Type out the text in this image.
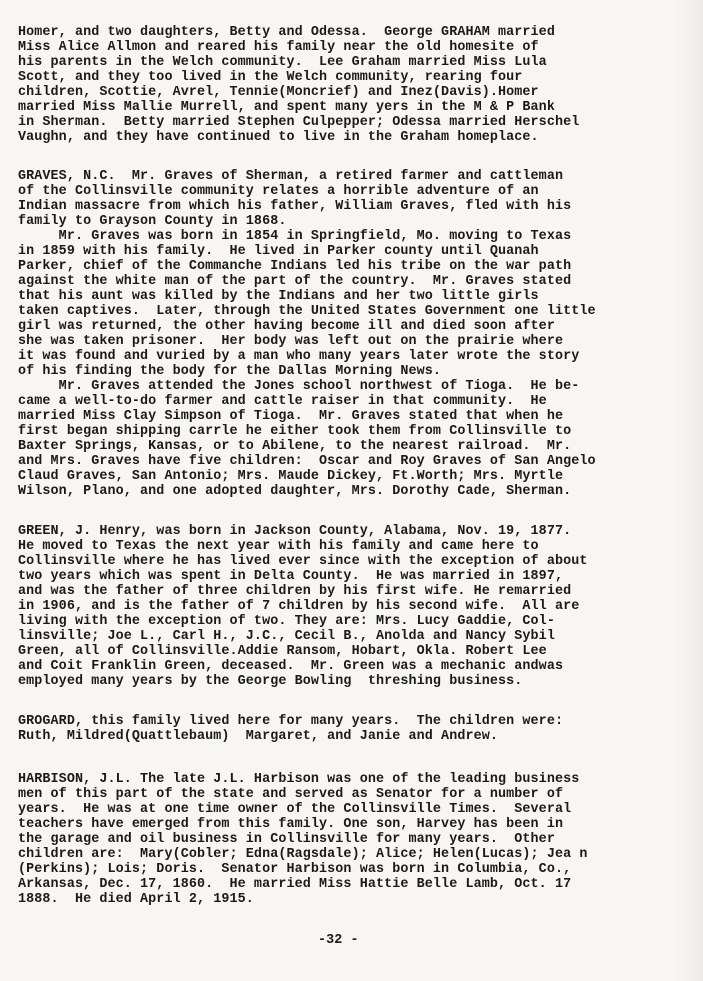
Homer, and two daughters, Betty and Odessa.  George GRAHAM married
Miss Alice Allmon and reared his family near the old homesite of
his parents in the Welch community.  Lee Graham married Miss Lula
Scott, and they too lived in the Welch community, rearing four
children, Scottie, Avrel, Tennie(Moncrief) and Inez(Davis).Homer
married Miss Mallie Murrell, and spent many yers in the M & P Bank
in Sherman.  Betty married Stephen Culpepper; Odessa married Herschel
Vaughn, and they have continued to live in the Graham homeplace.
GRAVES, N.C.  Mr. Graves of Sherman, a retired farmer and cattleman
of the Collinsville community relates a horrible adventure of an
Indian massacre from which his father, William Graves, fled with his
family to Grayson County in 1868.
Mr. Graves was born in 1854 in Springfield, Mo. moving to Texas
in 1859 with his family.  He lived in Parker county until Quanah
Parker, chief of the Commanche Indians led his tribe on the war path
against the white man of the part of the country.  Mr. Graves stated
that his aunt was killed by the Indians and her two little girls
taken captives.  Later, through the United States Government one little
girl was returned, the other having become ill and died soon after
she was taken prisoner.  Her body was left out on the prairie where
it was found and vuried by a man who many years later wrote the story
of his finding the body for the Dallas Morning News.
Mr. Graves attended the Jones school northwest of Tioga.  He be-
came a well-to-do farmer and cattle raiser in that community.  He
married Miss Clay Simpson of Tioga.  Mr. Graves stated that when he
first began shipping carrle he either took them from Collinsville to
Baxter Springs, Kansas, or to Abilene, to the nearest railroad.  Mr.
and Mrs. Graves have five children:  Oscar and Roy Graves of San Angelo
Claud Graves, San Antonio; Mrs. Maude Dickey, Ft.Worth; Mrs. Myrtle
Wilson, Plano, and one adopted daughter, Mrs. Dorothy Cade, Sherman.
GREEN, J. Henry, was born in Jackson County, Alabama, Nov. 19, 1877.
He moved to Texas the next year with his family and came here to
Collinsville where he has lived ever since with the exception of about
two years which was spent in Delta County.  He was married in 1897,
and was the father of three children by his first wife. He remarried
in 1906, and is the father of 7 children by his second wife.  All are
living with the exception of two. They are: Mrs. Lucy Gaddie, Col-
linsville; Joe L., Carl H., J.C., Cecil B., Anolda and Nancy Sybil
Green, all of Collinsville.Addie Ransom, Hobart, Okla. Robert Lee
and Coit Franklin Green, deceased.  Mr. Green was a mechanic andwas
employed many years by the George Bowling  threshing business.
GROGARD, this family lived here for many years.  The children were:
Ruth, Mildred(Quattlebaum)  Margaret, and Janie and Andrew.
HARBISON, J.L. The late J.L. Harbison was one of the leading business
men of this part of the state and served as Senator for a number of
years.  He was at one time owner of the Collinsville Times.  Several
teachers have emerged from this family. One son, Harvey has been in
the garage and oil business in Collinsville for many years.  Other
children are:  Mary(Cobler; Edna(Ragsdale); Alice; Helen(Lucas); Jea n
(Perkins); Lois; Doris.  Senator Harbison was born in Columbia, Co.,
Arkansas, Dec. 17, 1860.  He married Miss Hattie Belle Lamb, Oct. 17
1888.  He died April 2, 1915.
-32 -
